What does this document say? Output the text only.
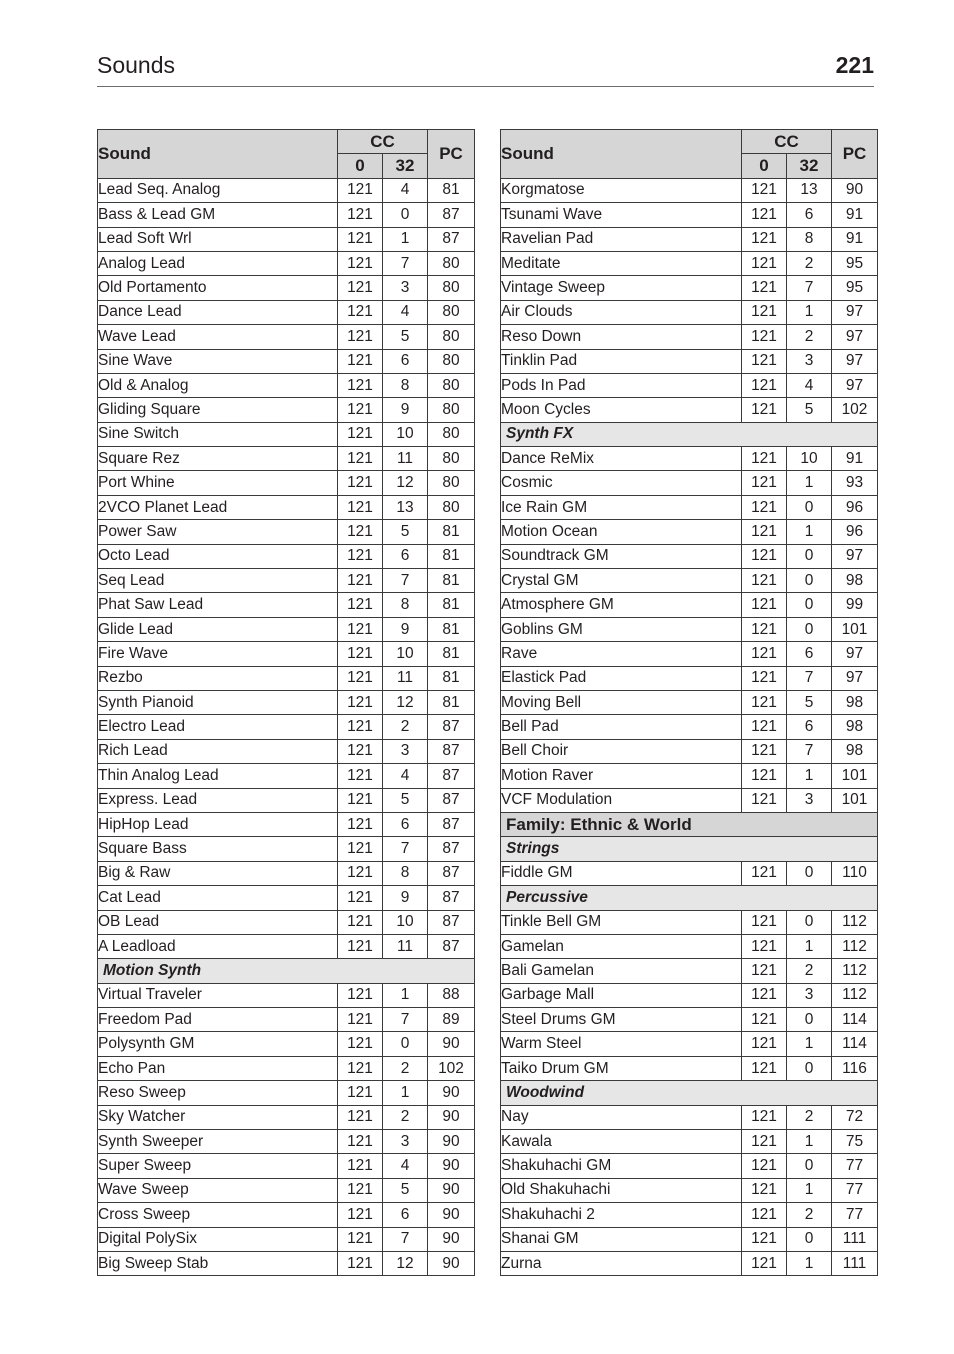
Sounds	221
Sound	CC		PC
	0	32	
Lead Seq. Analog	121	4	81
Bass & Lead GM	121	0	87
Lead Soft Wrl	121	1	87
Analog Lead	121	7	80
Old Portamento	121	3	80
Dance Lead	121	4	80
Wave Lead	121	5	80
Sine Wave	121	6	80
Old & Analog	121	8	80
Gliding Square	121	9	80
Sine Switch	121	10	80
Square Rez	121	11	80
Port Whine	121	12	80
2VCO Planet Lead	121	13	80
Power Saw	121	5	81
Octo Lead	121	6	81
Seq Lead	121	7	81
Phat Saw Lead	121	8	81
Glide Lead	121	9	81
Fire Wave	121	10	81
Rezbo	121	11	81
Synth Pianoid	121	12	81
Electro Lead	121	2	87
Rich Lead	121	3	87
Thin Analog Lead	121	4	87
Express. Lead	121	5	87
HipHop Lead	121	6	87
Square Bass	121	7	87
Big & Raw	121	8	87
Cat Lead	121	9	87
OB Lead	121	10	87
A Leadload	121	11	87
Motion Synth			
Virtual Traveler	121	1	88
Freedom Pad	121	7	89
Polysynth GM	121	0	90
Echo Pan	121	2	102
Reso Sweep	121	1	90
Sky Watcher	121	2	90
Synth Sweeper	121	3	90
Super Sweep	121	4	90
Wave Sweep	121	5	90
Cross Sweep	121	6	90
Digital PolySix	121	7	90
Big Sweep Stab	121	12	90
Sound	CC		PC
	0	32	
Korgmatose	121	13	90
Tsunami Wave	121	6	91
Ravelian Pad	121	8	91
Meditate	121	2	95
Vintage Sweep	121	7	95
Air Clouds	121	1	97
Reso Down	121	2	97
Tinklin Pad	121	3	97
Pods In Pad	121	4	97
Moon Cycles	121	5	102
Synth FX			
Dance ReMix	121	10	91
Cosmic	121	1	93
Ice Rain GM	121	0	96
Motion Ocean	121	1	96
Soundtrack GM	121	0	97
Crystal GM	121	0	98
Atmosphere GM	121	0	99
Goblins GM	121	0	101
Rave	121	6	97
Elastick Pad	121	7	97
Moving Bell	121	5	98
Bell Pad	121	6	98
Bell Choir	121	7	98
Motion Raver	121	1	101
VCF Modulation	121	3	101
Family: Ethnic & World			
Strings			
Fiddle GM	121	0	110
Percussive			
Tinkle Bell GM	121	0	112
Gamelan	121	1	112
Bali Gamelan	121	2	112
Garbage Mall	121	3	112
Steel Drums GM	121	0	114
Warm Steel	121	1	114
Taiko Drum GM	121	0	116
Woodwind			
Nay	121	2	72
Kawala	121	1	75
Shakuhachi GM	121	0	77
Old Shakuhachi	121	1	77
Shakuhachi 2	121	2	77
Shanai GM	121	0	111
Zurna	121	1	111
